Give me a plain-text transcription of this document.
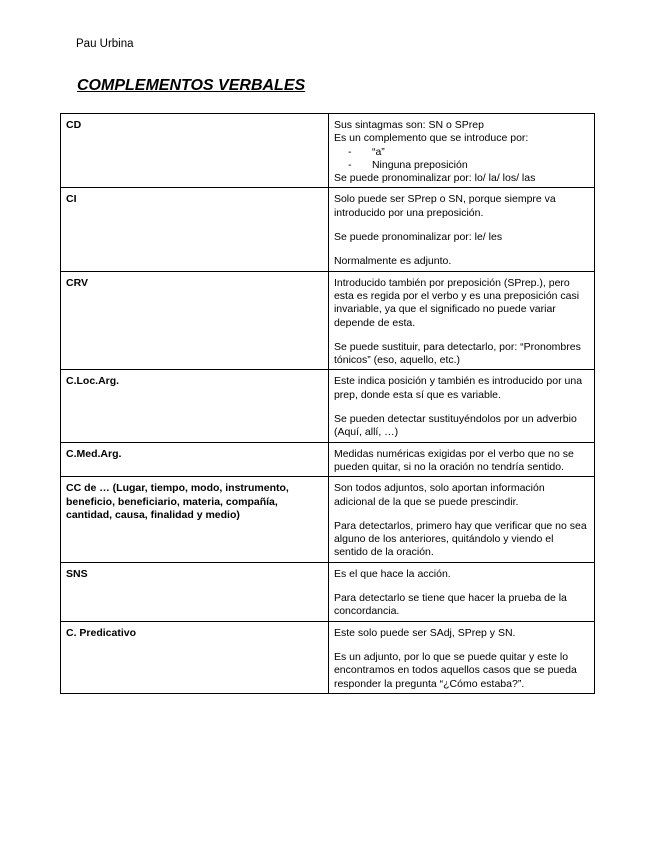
Pau Urbina
COMPLEMENTOS VERBALES
CD	Sus sintagmas son: SN o SPrep
Es un complemento que se introduce por:
- “a”
- Ninguna preposición
Se puede pronominalizar por: lo/ la/ los/ las

CI	Solo puede ser SPrep o SN, porque siempre va introducido por una preposición.

Se puede pronominalizar por: le/ les

Normalmente es adjunto.

CRV	Introducido también por preposición (SPrep.), pero esta es regida por el verbo y es una preposición casi invariable, ya que el significado no puede variar depende de esta.

Se puede sustituir, para detectarlo, por: “Pronombres tónicos” (eso, aquello, etc.)

C.Loc.Arg.	Este indica posición y también es introducido por una prep, donde esta sí que es variable.

Se pueden detectar sustituyéndolos por un adverbio (Aquí, allí, …)

C.Med.Arg.	Medidas numéricas exigidas por el verbo que no se pueden quitar, si no la oración no tendría sentido.

CC de … (Lugar, tiempo, modo, instrumento, beneficio, beneficiario, materia, compañía, cantidad, causa, finalidad y medio)	Son todos adjuntos, solo aportan información adicional de la que se puede prescindir.

Para detectarlos, primero hay que verificar que no sea alguno de los anteriores, quitándolo y viendo el sentido de la oración.

SNS	Es el que hace la acción.

Para detectarlo se tiene que hacer la prueba de la concordancia.

C. Predicativo	Este solo puede ser SAdj, SPrep y SN.

Es un adjunto, por lo que se puede quitar y este lo encontramos en todos aquellos casos que se pueda responder la pregunta “¿Cómo estaba?”.
